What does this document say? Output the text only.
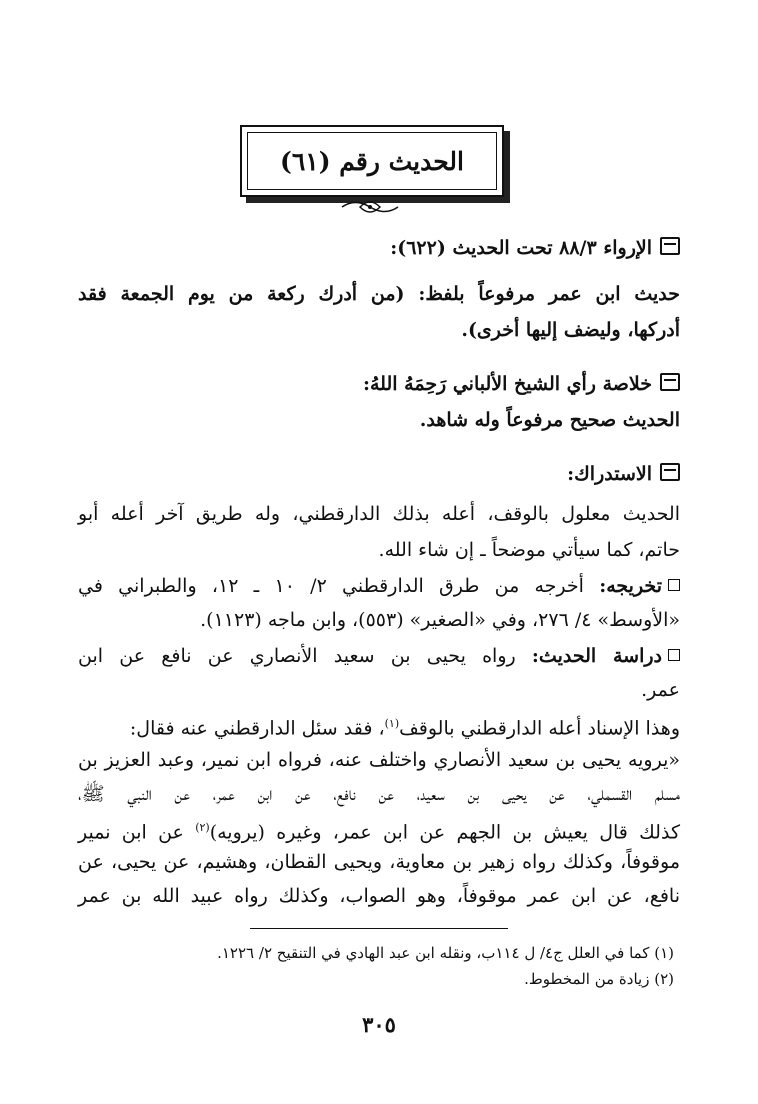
الحديث رقم (٦١)
الإرواء ٨٨/٣ تحت الحديث (٦٢٢):
حديث ابن عمر مرفوعاً بلفظ: (من أدرك ركعة من يوم الجمعة فقد
أدركها، وليضف إليها أخرى).
خلاصة رأي الشيخ الألباني رَحِمَهُ اللهُ:
الحديث صحيح مرفوعاً وله شاهد.
الاستدراك:
الحديث معلول بالوقف، أعله بذلك الدارقطني، وله طريق آخر أعله أبو
حاتم، كما سيأتي موضحاً ـ إن شاء الله.
تخريجه: أخرجه من طرق الدارقطني ٢/ ١٠ ـ ١٢، والطبراني في
«الأوسط» ٤/ ٢٧٦، وفي «الصغير» (٥٥٣)، وابن ماجه (١١٢٣).
دراسة الحديث: رواه يحيى بن سعيد الأنصاري عن نافع عن ابن
عمر.
وهذا الإسناد أعله الدارقطني بالوقف$^{(١)}$، فقد سئل الدارقطني عنه فقال:
«يرويه يحيى بن سعيد الأنصاري واختلف عنه، فرواه ابن نمير، وعبد العزيز بن
مسلم القسملي، عن يحيى بن سعيد، عن نافع، عن ابن عمر، عن النبي ﷺ،
كذلك قال يعيش بن الجهم عن ابن عمر، وغيره (يرويه)$^{(٢)}$ عن ابن نمير
موقوفاً، وكذلك رواه زهير بن معاوية، ويحيى القطان، وهشيم، عن يحيى، عن
نافع، عن ابن عمر موقوفاً، وهو الصواب، وكذلك رواه عبيد الله بن عمر
(١) كما في العلل ج٤/ ل ١١٤ب، ونقله ابن عبد الهادي في التنقيح ٢/ ١٢٢٦.
(٢) زيادة من المخطوط.
٣٠٥
